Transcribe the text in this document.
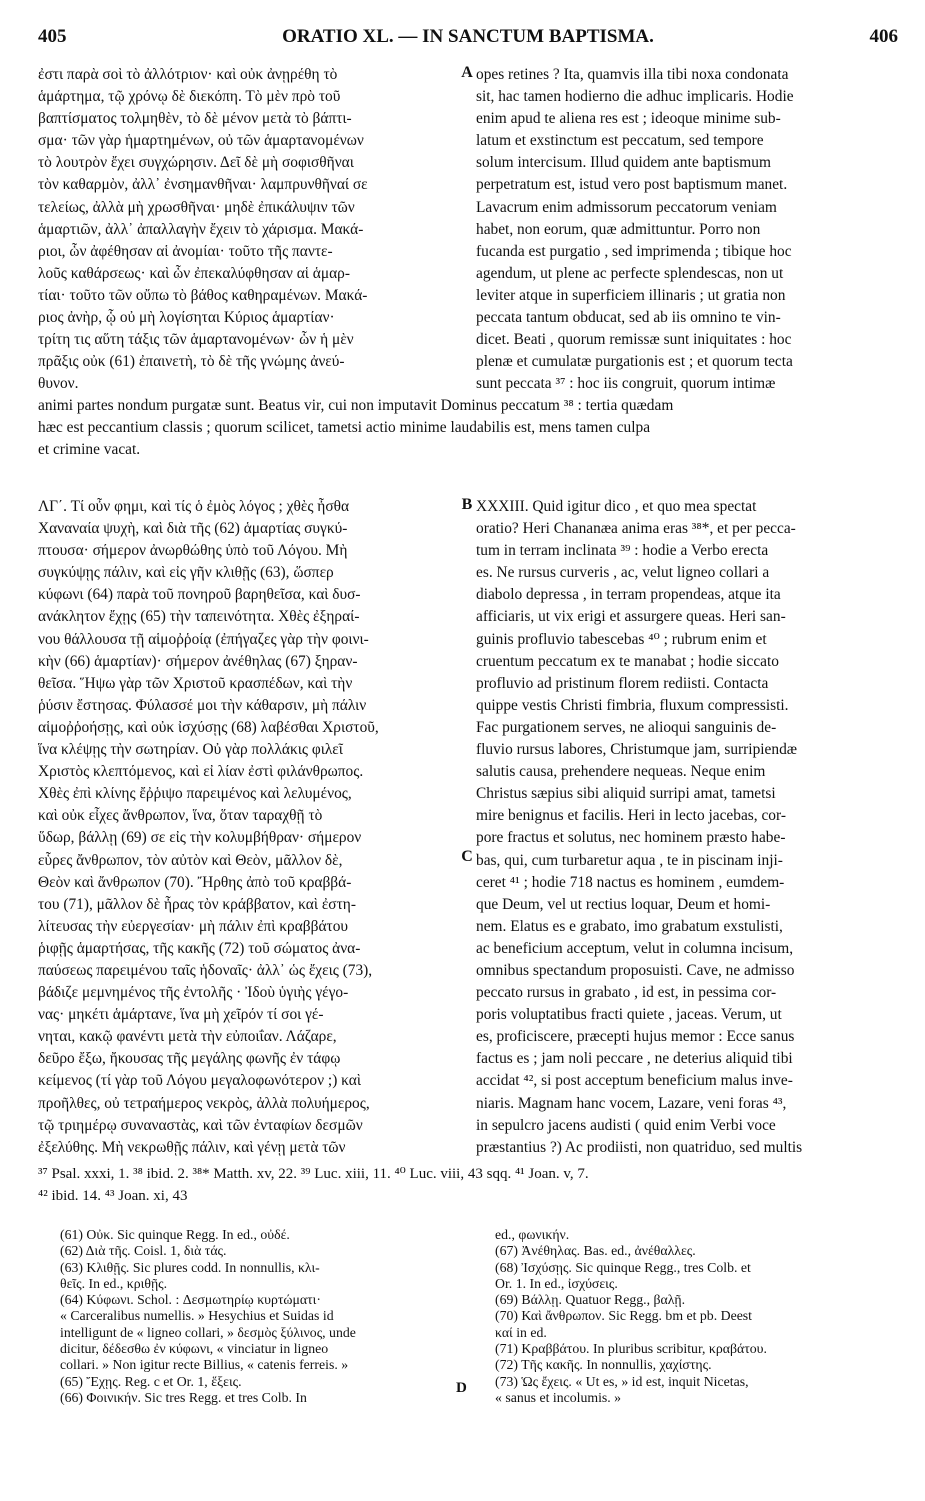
405	ORATIO XL. — IN SANCTUM BAPTISMA.	406
A
B
C
ἐστι παρὰ σοὶ τὸ ἀλλότριον· καὶ οὐκ ἀνῃρέθη τὸ
ἁμάρτημα, τῷ χρόνῳ δὲ διεκόπη. Τὸ μὲν πρὸ τοῦ
βαπτίσματος τολμηθὲν, τὸ δὲ μένον μετὰ τὸ βάπτι-
σμα· τῶν γὰρ ἡμαρτημένων, οὐ τῶν ἁμαρτανομένων
τὸ λουτρὸν ἔχει συγχώρησιν. Δεῖ δὲ μὴ σοφισθῆναι
τὸν καθαρμὸν, ἀλλ᾽ ἐνσημανθῆναι· λαμπρυνθῆναί σε
τελείως, ἀλλὰ μὴ χρωσθῆναι· μηδὲ ἐπικάλυψιν τῶν
ἁμαρτιῶν, ἀλλ᾽ ἀπαλλαγὴν ἔχειν τὸ χάρισμα. Μακά-
ριοι, ὧν ἀφέθησαν αἱ ἀνομίαι· τοῦτο τῆς παντε-
λοῦς καθάρσεως· καὶ ὧν ἐπεκαλύφθησαν αἱ ἁμαρ-
τίαι· τοῦτο τῶν οὔπω τὸ βάθος καθηραμένων. Μακά-
ριος ἀνὴρ, ᾧ οὐ μὴ λογίσηται Κύριος ἁμαρτίαν·
τρίτη τις αὕτη τάξις τῶν ἁμαρτανομένων· ὧν ἡ μὲν
πρᾶξις οὐκ (61) ἐπαινετὴ, τὸ δὲ τῆς γνώμης ἀνεύ-
θυνον.
opes retines ? Ita, quamvis illa tibi noxa condonata
sit, hac tamen hodierno die adhuc implicaris. Hodie
enim apud te aliena res est ; ideoque minime sub-
latum et exstinctum est peccatum, sed tempore
solum intercisum. Illud quidem ante baptismum
perpetratum est, istud vero post baptismum manet.
Lavacrum enim admissorum peccatorum veniam
habet, non eorum, quæ admittuntur. Porro non
fucanda est purgatio , sed imprimenda ; tibique hoc
agendum, ut plene ac perfecte splendescas, non ut
leviter atque in superficiem illinaris ; ut gratia non
peccata tantum obducat, sed ab iis omnino te vin-
dicet. Beati , quorum remissæ sunt iniquitates : hoc
plenæ et cumulatæ purgationis est ; et quorum tecta
sunt peccata ³⁷ : hoc iis congruit, quorum intimæ
animi partes nondum purgatæ sunt. Beatus vir, cui non imputavit Dominus peccatum ³⁸ : tertia quædam
hæc est peccantium classis ; quorum scilicet, tametsi actio minime laudabilis est, mens tamen culpa
et crimine vacat.
ΛΓ΄. Τί οὖν φημι, καὶ τίς ὁ ἐμὸς λόγος ; χθὲς ἦσθα
Χαναναία ψυχὴ, καὶ διὰ τῆς (62) ἁμαρτίας συγκύ-
πτουσα· σήμερον ἀνωρθώθης ὑπὸ τοῦ Λόγου. Μὴ
συγκύψῃς πάλιν, καὶ εἰς γῆν κλιθῇς (63), ὥσπερ
κύφωνι (64) παρὰ τοῦ πονηροῦ βαρηθεῖσα, καὶ δυσ-
ανάκλητον ἔχῃς (65) τὴν ταπεινότητα. Χθὲς ἐξηραί-
νου θάλλουσα τῇ αἱμοῤῥοίᾳ (ἐπήγαζες γὰρ τὴν φοινι-
κὴν (66) ἁμαρτίαν)· σήμερον ἀνέθηλας (67) ξηραν-
θεῖσα. Ἥψω γὰρ τῶν Χριστοῦ κρασπέδων, καὶ τὴν
ῥύσιν ἔστησας. Φύλασσέ μοι τὴν κάθαρσιν, μὴ πάλιν
αἱμοῤῥοήσῃς, καὶ οὐκ ἰσχύσῃς (68) λαβέσθαι Χριστοῦ,
ἵνα κλέψῃς τὴν σωτηρίαν. Οὐ γὰρ πολλάκις φιλεῖ
Χριστὸς κλεπτόμενος, καὶ εἰ λίαν ἐστὶ φιλάνθρωπος.
Χθὲς ἐπὶ κλίνης ἔῤῥιψο παρειμένος καὶ λελυμένος,
καὶ οὐκ εἶχες ἄνθρωπον, ἵνα, ὅταν ταραχθῇ τὸ
ὕδωρ, βάλλῃ (69) σε εἰς τὴν κολυμβήθραν· σήμερον
εὗρες ἄνθρωπον, τὸν αὐτὸν καὶ Θεὸν, μᾶλλον δὲ,
Θεὸν καὶ ἄνθρωπον (70). Ἤρθης ἀπὸ τοῦ κραββά-
του (71), μᾶλλον δὲ ἦρας τὸν κράββατον, καὶ ἐστη-
λίτευσας τὴν εὐεργεσίαν· μὴ πάλιν ἐπὶ κραββάτου
ῥιφῇς ἁμαρτήσας, τῆς κακῆς (72) τοῦ σώματος ἀνα-
παύσεως παρειμένου ταῖς ἡδοναῖς· ἀλλ᾽ ὡς ἔχεις (73),
βάδιζε μεμνημένος τῆς ἐντολῆς · Ἰδοὺ ὑγιὴς γέγο-
νας· μηκέτι ἁμάρτανε, ἵνα μὴ χεῖρόν τί σοι γέ-
νηται, κακῷ φανέντι μετὰ τὴν εὐποιΐαν. Λάζαρε,
δεῦρο ἔξω, ἤκουσας τῆς μεγάλης φωνῆς ἐν τάφῳ
κείμενος (τί γὰρ τοῦ Λόγου μεγαλοφωνότερον ;) καὶ
προῆλθες, οὐ τετραήμερος νεκρὸς, ἀλλὰ πολυήμερος,
τῷ τριημέρῳ συναναστὰς, καὶ τῶν ἐνταφίων δεσμῶν
ἐξελύθης. Μὴ νεκρωθῇς πάλιν, καὶ γένῃ μετὰ τῶν
XXXIII. Quid igitur dico , et quo mea spectat
oratio? Heri Chananæa anima eras ³⁸*, et per pecca-
tum in terram inclinata ³⁹ : hodie a Verbo erecta
es. Ne rursus curveris , ac, velut ligneo collari a
diabolo depressa , in terram propendeas, atque ita
afficiaris, ut vix erigi et assurgere queas. Heri san-
guinis profluvio tabescebas ⁴⁰ ; rubrum enim et
cruentum peccatum ex te manabat ; hodie siccato
profluvio ad pristinum florem rediisti. Contacta
quippe vestis Christi fimbria, fluxum compressisti.
Fac purgationem serves, ne alioqui sanguinis de-
fluvio rursus labores, Christumque jam, surripiendæ
salutis causa, prehendere nequeas. Neque enim
Christus sæpius sibi aliquid surripi amat, tametsi
mire benignus et facilis. Heri in lecto jacebas, cor-
pore fractus et solutus, nec hominem præsto habe-
bas, qui, cum turbaretur aqua , te in piscinam inji-
ceret ⁴¹ ; hodie 718 nactus es hominem , eumdem-
que Deum, vel ut rectius loquar, Deum et homi-
nem. Elatus es e grabato, imo grabatum exstulisti,
ac beneficium acceptum, velut in columna incisum,
omnibus spectandum proposuisti. Cave, ne admisso
peccato rursus in grabato , id est, in pessima cor-
poris voluptatibus fracti quiete , jaceas. Verum, ut
es, proficiscere, præcepti hujus memor : Ecce sanus
factus es ; jam noli peccare , ne deterius aliquid tibi
accidat ⁴², si post acceptum beneficium malus inve-
niaris. Magnam hanc vocem, Lazare, veni foras ⁴³,
in sepulcro jacens audisti ( quid enim Verbi voce
præstantius ?) Ac prodiisti, non quatriduo, sed multis
³⁷ Psal. xxxi, 1. ³⁸ ibid. 2. ³⁸* Matth. xv, 22. ³⁹ Luc. xiii, 11. ⁴⁰ Luc. viii, 43 sqq. ⁴¹ Joan. v, 7.
⁴² ibid. 14. ⁴³ Joan. xi, 43
D
(61) Οὐκ. Sic quinque Regg. In ed., οὐδέ.
(62) Διὰ τῆς. Coisl. 1, διὰ τάς.
(63) Κλιθῇς. Sic plures codd. In nonnullis, κλι-
θεῖς. In ed., κριθῇς.
(64) Κύφωνι. Schol. : Δεσμωτηρίῳ κυρτώματι·
« Carceralibus numellis. » Hesychius et Suidas id
intelligunt de « ligneo collari, » δεσμὸς ξύλινος, unde
dicitur, δέδεσθω ἐν κύφωνι, « vinciatur in ligneo
collari. » Non igitur recte Billius, « catenis ferreis. »
(65) Ἔχῃς. Reg. c et Or. 1, ἕξεις.
(66) Φοινικήν. Sic tres Regg. et tres Colb. In
ed., φωνικήν.
(67) Ἀνέθηλας. Bas. ed., ἀνέθαλλες.
(68) Ἰσχύσῃς. Sic quinque Regg., tres Colb. et
Or. 1. In ed., ἰσχύσεις.
(69) Βάλλῃ. Quatuor Regg., βαλῇ.
(70) Καὶ ἄνθρωπον. Sic Regg. bm et pb. Deest
καί in ed.
(71) Κραββάτου. In pluribus scribitur, κραβάτου.
(72) Τῆς κακῆς. In nonnullis, χαχίστης.
(73) Ὡς ἔχεις. « Ut es, » id est, inquit Nicetas,
« sanus et incolumis. »
